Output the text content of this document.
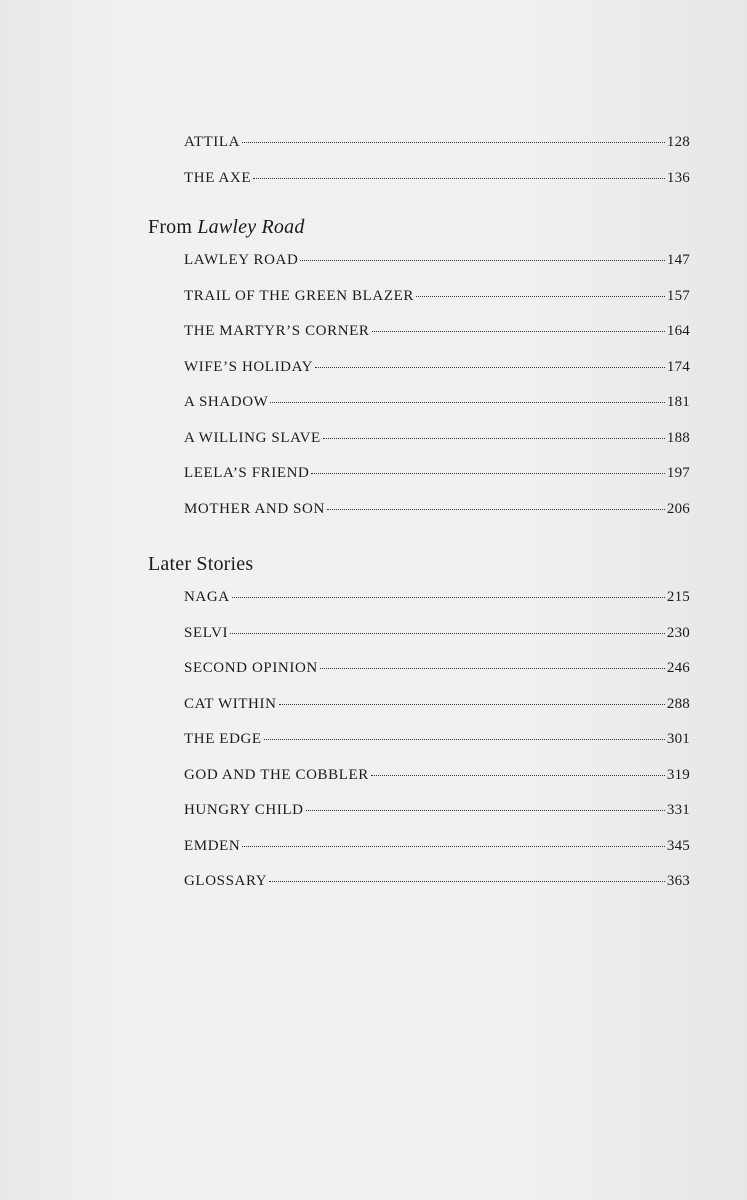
ATTILA	128
THE AXE	136
From Lawley Road
LAWLEY ROAD	147
TRAIL OF THE GREEN BLAZER	157
THE MARTYR’S CORNER	164
WIFE’S HOLIDAY	174
A SHADOW	181
A WILLING SLAVE	188
LEELA’S FRIEND	197
MOTHER AND SON	206
Later Stories
NAGA	215
SELVI	230
SECOND OPINION	246
CAT WITHIN	288
THE EDGE	301
GOD AND THE COBBLER	319
HUNGRY CHILD	331
EMDEN	345
GLOSSARY	363
